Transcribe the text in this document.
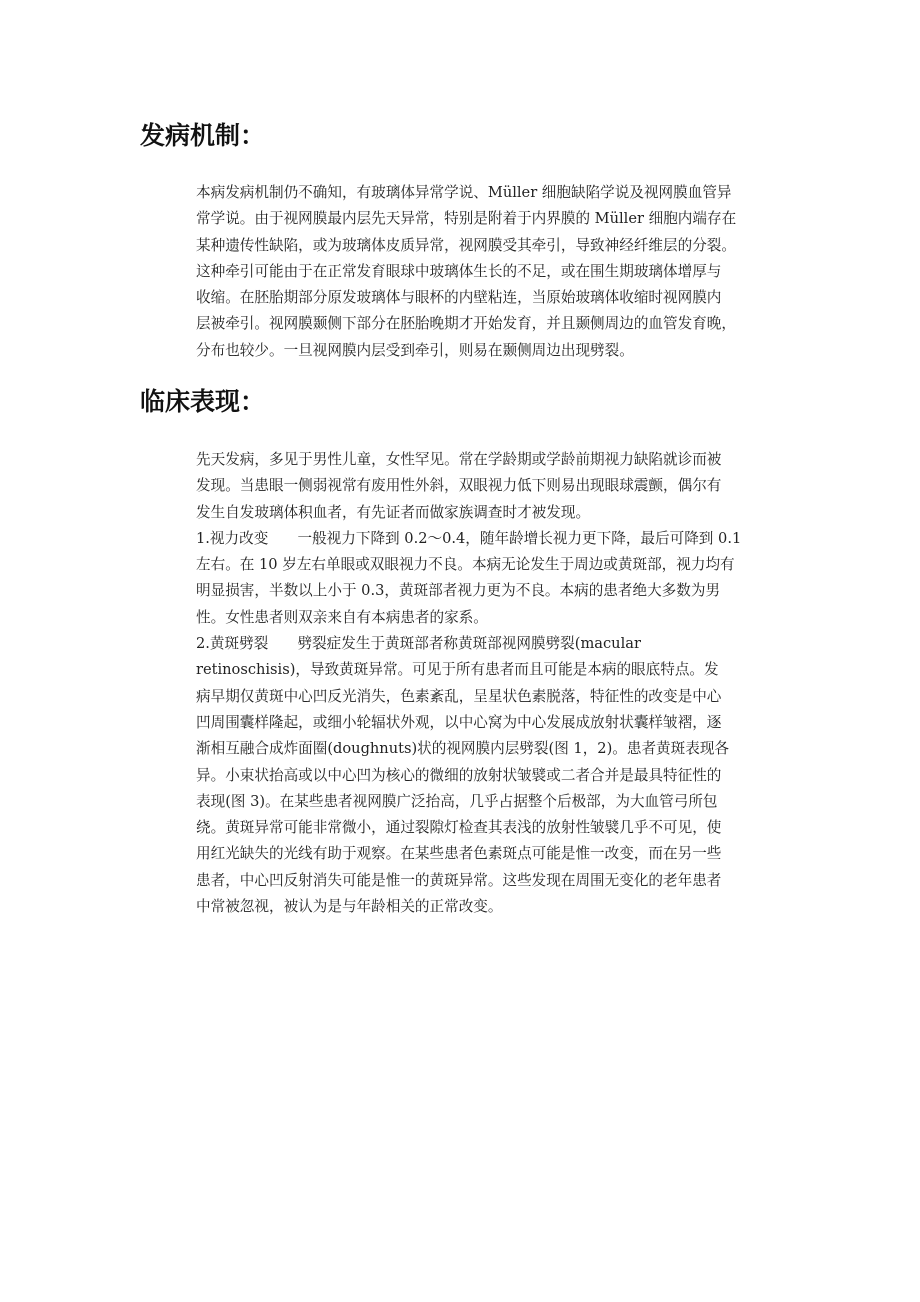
发病机制：
本病发病机制仍不确知，有玻璃体异常学说、Müller 细胞缺陷学说及视网膜血管异
常学说。由于视网膜最内层先天异常，特别是附着于内界膜的 Müller 细胞内端存在
某种遗传性缺陷，或为玻璃体皮质异常，视网膜受其牵引，导致神经纤维层的分裂。
这种牵引可能由于在正常发育眼球中玻璃体生长的不足，或在围生期玻璃体增厚与
收缩。在胚胎期部分原发玻璃体与眼杯的内壁粘连，当原始玻璃体收缩时视网膜内
层被牵引。视网膜颞侧下部分在胚胎晚期才开始发育，并且颞侧周边的血管发育晚，
分布也较少。一旦视网膜内层受到牵引，则易在颞侧周边出现劈裂。
临床表现：
先天发病，多见于男性儿童，女性罕见。常在学龄期或学龄前期视力缺陷就诊而被
发现。当患眼一侧弱视常有废用性外斜，双眼视力低下则易出现眼球震颤，偶尔有
发生自发玻璃体积血者，有先证者而做家族调查时才被发现。
1.视力改变　　一般视力下降到 0.2～0.4，随年龄增长视力更下降，最后可降到 0.1
左右。在 10 岁左右单眼或双眼视力不良。本病无论发生于周边或黄斑部，视力均有
明显损害，半数以上小于 0.3，黄斑部者视力更为不良。本病的患者绝大多数为男
性。女性患者则双亲来自有本病患者的家系。
2.黄斑劈裂　　劈裂症发生于黄斑部者称黄斑部视网膜劈裂(macular
retinoschisis)，导致黄斑异常。可见于所有患者而且可能是本病的眼底特点。发
病早期仅黄斑中心凹反光消失，色素紊乱，呈星状色素脱落，特征性的改变是中心
凹周围囊样隆起，或细小轮辐状外观，以中心窝为中心发展成放射状囊样皱褶，逐
渐相互融合成炸面圈(doughnuts)状的视网膜内层劈裂(图 1，2)。患者黄斑表现各
异。小束状抬高或以中心凹为核心的微细的放射状皱襞或二者合并是最具特征性的
表现(图 3)。在某些患者视网膜广泛抬高，几乎占据整个后极部，为大血管弓所包
绕。黄斑异常可能非常微小，通过裂隙灯检查其表浅的放射性皱襞几乎不可见，使
用红光缺失的光线有助于观察。在某些患者色素斑点可能是惟一改变，而在另一些
患者，中心凹反射消失可能是惟一的黄斑异常。这些发现在周围无变化的老年患者
中常被忽视，被认为是与年龄相关的正常改变。
